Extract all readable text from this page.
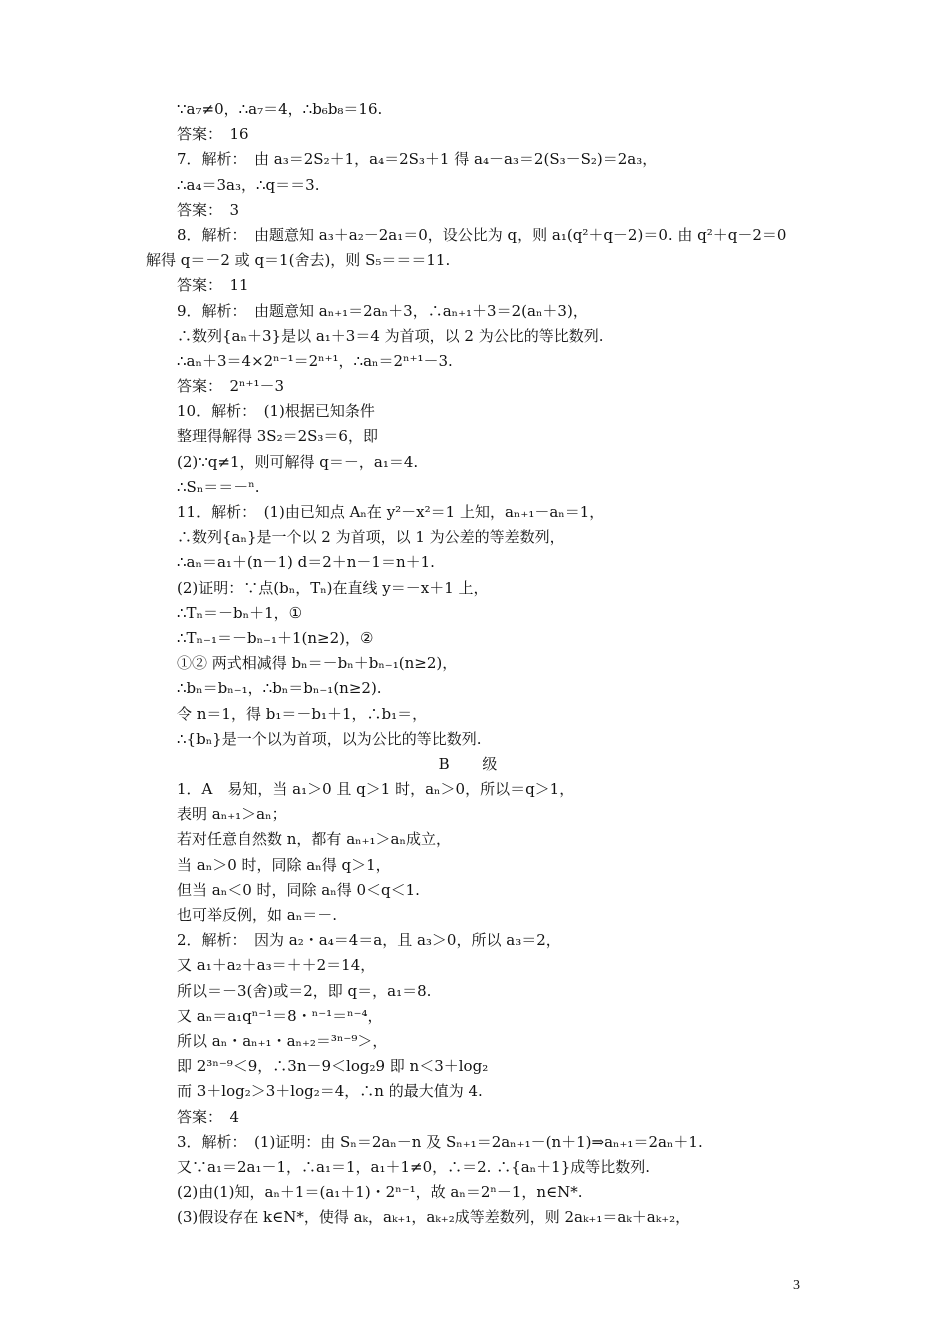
∵a₇≠0，∴a₇＝4，∴b₆b₈＝16.
答案：　16
7．解析：　由 a₃＝2S₂＋1，a₄＝2S₃＋1 得 a₄－a₃＝2(S₃－S₂)＝2a₃，
∴a₄＝3a₃，∴q＝＝3.
答案：　3
8．解析：　由题意知 a₃＋a₂－2a₁＝0，设公比为 q，则 a₁(q²＋q－2)＝0. 由 q²＋q－2＝0
解得 q＝－2 或 q＝1(舍去)，则 S₅＝＝＝11.
答案：　11
9．解析：　由题意知 aₙ₊₁＝2aₙ＋3，∴aₙ₊₁＋3＝2(aₙ＋3)，
∴数列{aₙ＋3}是以 a₁＋3＝4 为首项，以 2 为公比的等比数列.
∴aₙ＋3＝4×2ⁿ⁻¹＝2ⁿ⁺¹，∴aₙ＝2ⁿ⁺¹－3.
答案：　2ⁿ⁺¹－3
10．解析：　(1)根据已知条件
整理得解得 3S₂＝2S₃＝6，即
(2)∵q≠1，则可解得 q＝－，a₁＝4.
∴Sₙ＝＝－ⁿ.
11．解析：　(1)由已知点 Aₙ在 y²－x²＝1 上知，aₙ₊₁－aₙ＝1，
∴数列{aₙ}是一个以 2 为首项，以 1 为公差的等差数列，
∴aₙ＝a₁＋(n－1) d＝2＋n－1＝n＋1.
(2)证明：∵点(bₙ，Tₙ)在直线 y＝－x＋1 上，
∴Tₙ＝－bₙ＋1，①
∴Tₙ₋₁＝－bₙ₋₁＋1(n≥2)，②
①② 两式相减得 bₙ＝－bₙ＋bₙ₋₁(n≥2)，
∴bₙ＝bₙ₋₁，∴bₙ＝bₙ₋₁(n≥2).
令 n＝1，得 b₁＝－b₁＋1，∴b₁＝，
∴{bₙ}是一个以为首项，以为公比的等比数列.
B 级
1．A　易知，当 a₁＞0 且 q＞1 时，aₙ＞0，所以＝q＞1，
表明 aₙ₊₁＞aₙ；
若对任意自然数 n，都有 aₙ₊₁＞aₙ成立，
当 aₙ＞0 时，同除 aₙ得 q＞1，
但当 aₙ＜0 时，同除 aₙ得 0＜q＜1.
也可举反例，如 aₙ＝－.
2．解析：　因为 a₂・a₄＝4＝a，且 a₃＞0，所以 a₃＝2，
又 a₁＋a₂＋a₃＝＋＋2＝14，
所以＝－3(舍)或＝2，即 q＝，a₁＝8.
又 aₙ＝a₁qⁿ⁻¹＝8・ⁿ⁻¹＝ⁿ⁻⁴，
所以 aₙ・aₙ₊₁・aₙ₊₂＝³ⁿ⁻⁹＞，
即 2³ⁿ⁻⁹＜9，∴3n－9＜log₂9 即 n＜3＋log₂
而 3＋log₂＞3＋log₂＝4，∴n 的最大值为 4.
答案：　4
3．解析：　(1)证明：由 Sₙ＝2aₙ－n 及 Sₙ₊₁＝2aₙ₊₁－(n＋1)⇒aₙ₊₁＝2aₙ＋1.
又∵a₁＝2a₁－1，∴a₁＝1，a₁＋1≠0，∴＝2. ∴{aₙ＋1}成等比数列.
(2)由(1)知，aₙ＋1＝(a₁＋1)・2ⁿ⁻¹，故 aₙ＝2ⁿ－1，n∈N*.
(3)假设存在 k∈N*，使得 aₖ，aₖ₊₁，aₖ₊₂成等差数列，则 2aₖ₊₁＝aₖ＋aₖ₊₂，
3
